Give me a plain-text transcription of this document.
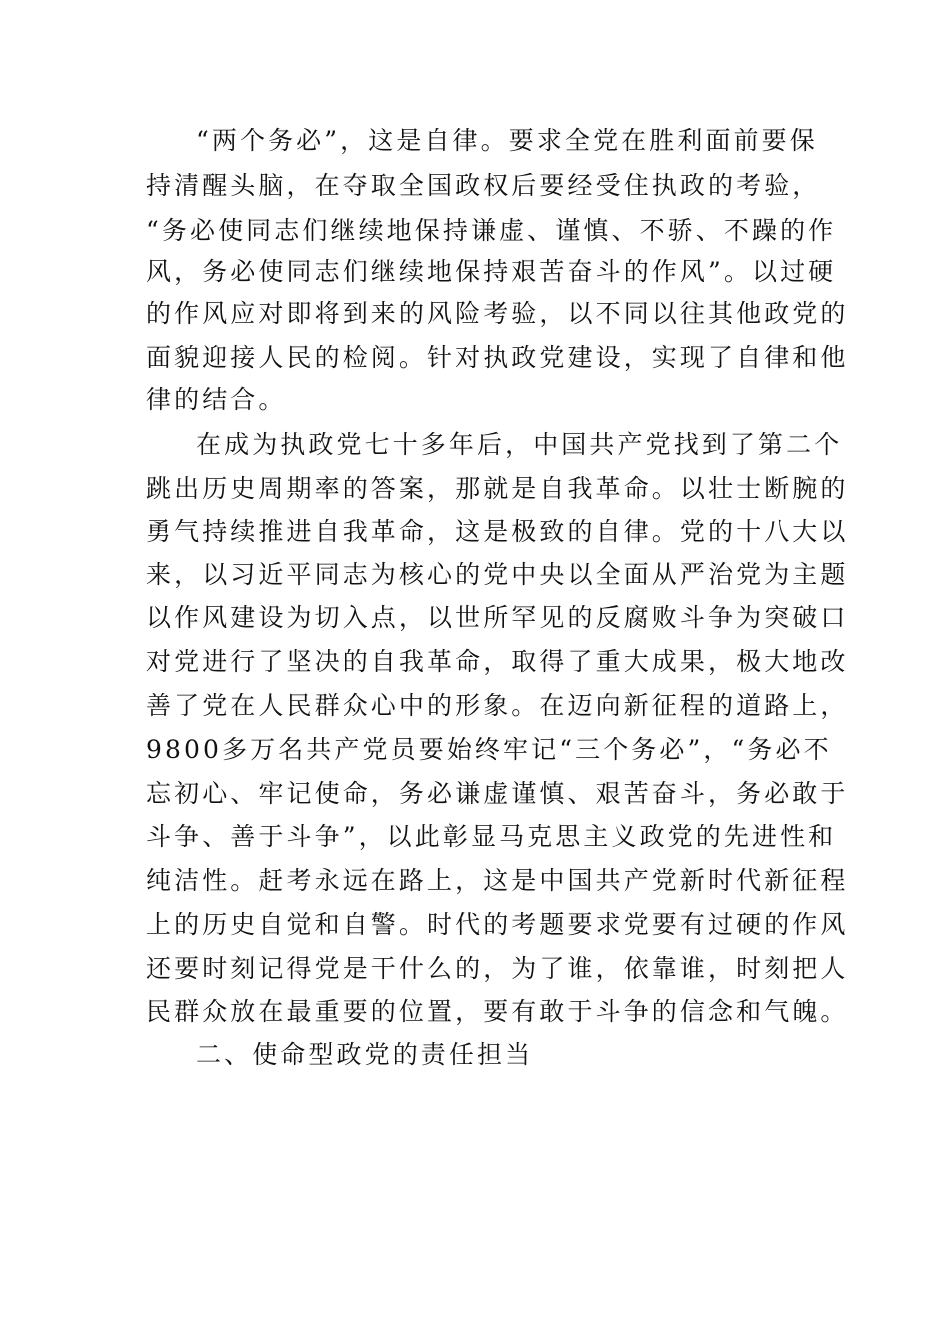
“两个务必”，这是自律。要求全党在胜利面前要保
持清醒头脑，在夺取全国政权后要经受住执政的考验，
“务必使同志们继续地保持谦虚、谨慎、不骄、不躁的作
风，务必使同志们继续地保持艰苦奋斗的作风”。以过硬
的作风应对即将到来的风险考验，以不同以往其他政党的
面貌迎接人民的检阅。针对执政党建设，实现了自律和他
律的结合。
在成为执政党七十多年后，中国共产党找到了第二个
跳出历史周期率的答案，那就是自我革命。以壮士断腕的
勇气持续推进自我革命，这是极致的自律。党的十八大以
来，以习近平同志为核心的党中央以全面从严治党为主题
以作风建设为切入点，以世所罕见的反腐败斗争为突破口
对党进行了坚决的自我革命，取得了重大成果，极大地改
善了党在人民群众心中的形象。在迈向新征程的道路上，
9800多万名共产党员要始终牢记“三个务必”，“务必不
忘初心、牢记使命，务必谦虚谨慎、艰苦奋斗，务必敢于
斗争、善于斗争”，以此彰显马克思主义政党的先进性和
纯洁性。赶考永远在路上，这是中国共产党新时代新征程
上的历史自觉和自警。时代的考题要求党要有过硬的作风
还要时刻记得党是干什么的，为了谁，依靠谁，时刻把人
民群众放在最重要的位置，要有敢于斗争的信念和气魄。
二、使命型政党的责任担当
